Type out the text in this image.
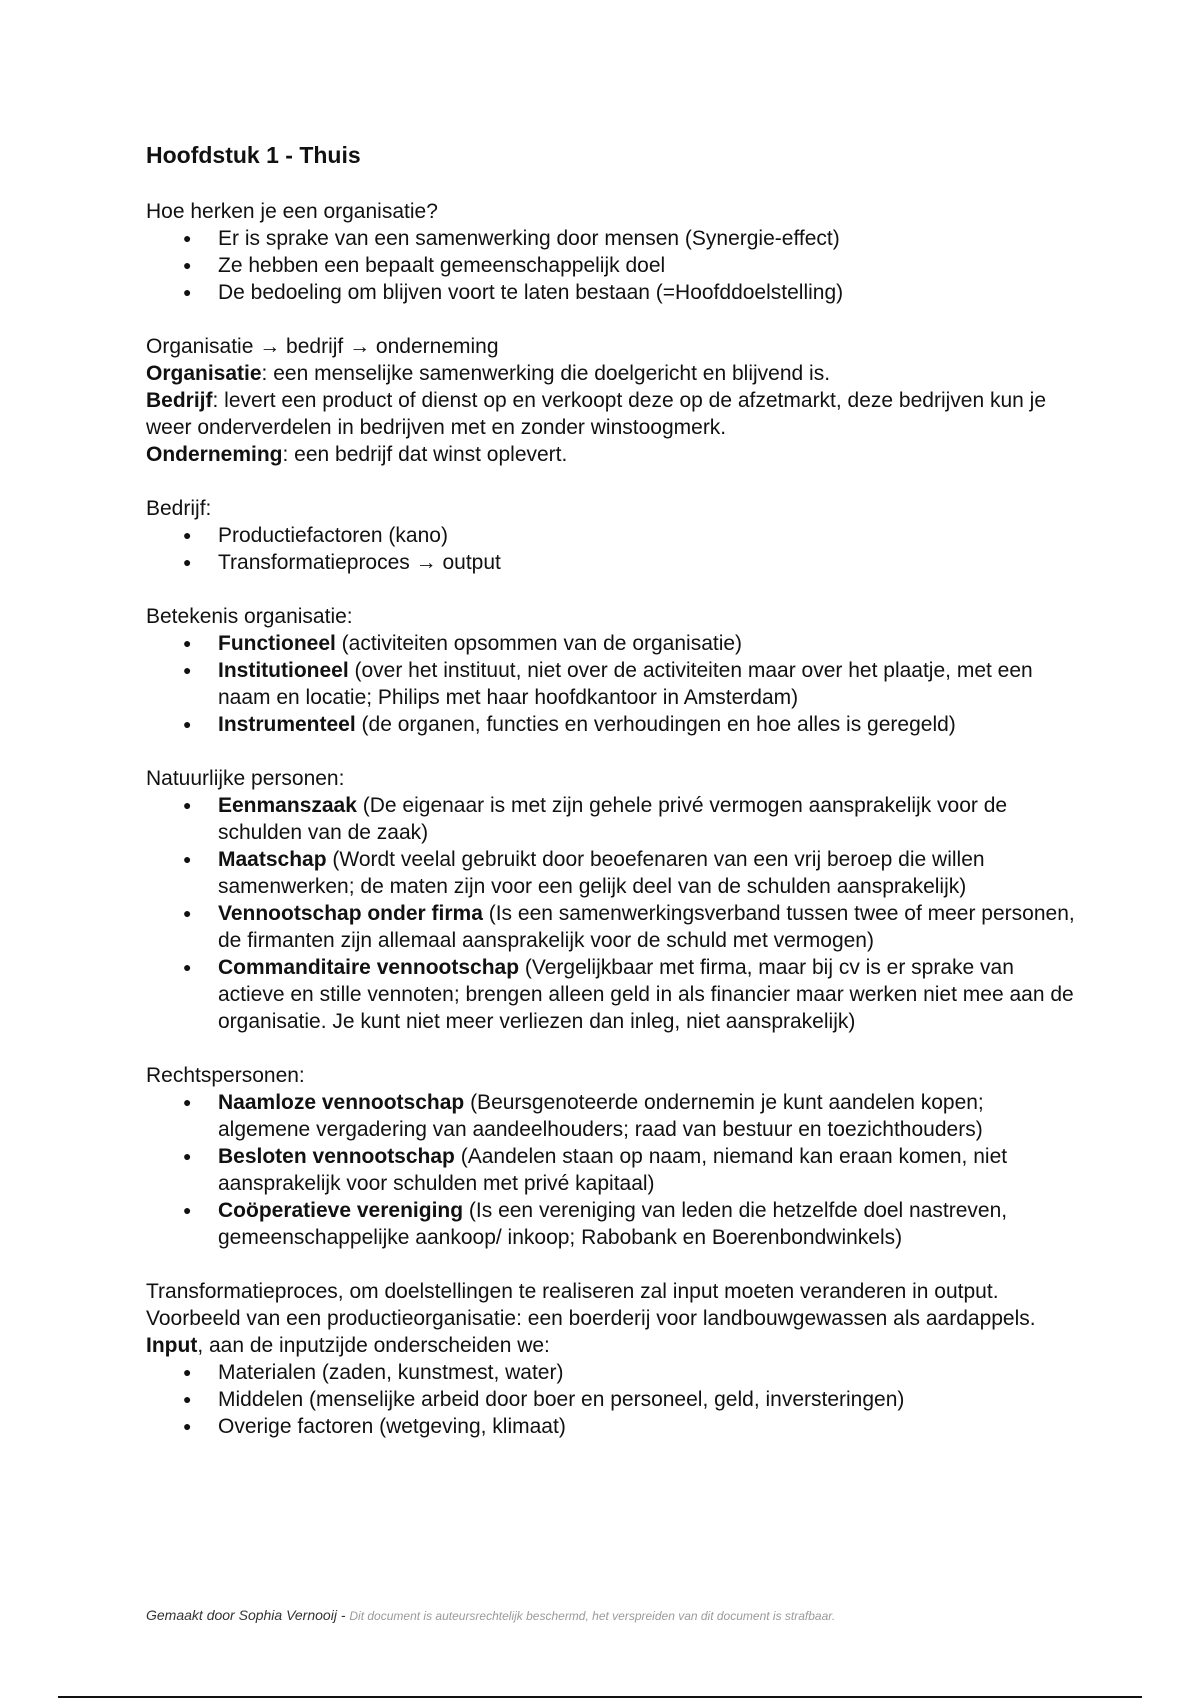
Hoofdstuk 1 - Thuis

Hoe herken je een organisatie?

● Er is sprake van een samenwerking door mensen (Synergie-effect)
● Ze hebben een bepaalt gemeenschappelijk doel
● De bedoeling om blijven voort te laten bestaan (=Hoofddoelstelling)

Organisatie → bedrijf → onderneming

Organisatie: een menselijke samenwerking die doelgericht en blijvend is.

Bedrijf: levert een product of dienst op en verkoopt deze op de afzetmarkt, deze bedrijven kun je weer onderverdelen in bedrijven met en zonder winstoogmerk.

Onderneming: een bedrijf dat winst oplevert.

Bedrijf:

● Productiefactoren (kano)
● Transformatieproces → output

Betekenis organisatie:

● Functioneel (activiteiten opsommen van de organisatie)
● Institutioneel (over het instituut, niet over de activiteiten maar over het plaatje, met een naam en locatie; Philips met haar hoofdkantoor in Amsterdam)
● Instrumenteel (de organen, functies en verhoudingen en hoe alles is geregeld)

Natuurlijke personen:

● Eenmanszaak (De eigenaar is met zijn gehele privé vermogen aansprakelijk voor de schulden van de zaak)
● Maatschap (Wordt veelal gebruikt door beoefenaren van een vrij beroep die willen samenwerken; de maten zijn voor een gelijk deel van de schulden aansprakelijk)
● Vennootschap onder firma (Is een samenwerkingsverband tussen twee of meer personen, de firmanten zijn allemaal aansprakelijk voor de schuld met vermogen)
● Commanditaire vennootschap (Vergelijkbaar met firma, maar bij cv is er sprake van actieve en stille vennoten; brengen alleen geld in als financier maar werken niet mee aan de organisatie. Je kunt niet meer verliezen dan inleg, niet aansprakelijk)

Rechtspersonen:

● Naamloze vennootschap (Beursgenoteerde ondernemin je kunt aandelen kopen; algemene vergadering van aandeelhouders; raad van bestuur en toezichthouders)
● Besloten vennootschap (Aandelen staan op naam, niemand kan eraan komen, niet aansprakelijk voor schulden met privé kapitaal)
● Coöperatieve vereniging (Is een vereniging van leden die hetzelfde doel nastreven, gemeenschappelijke aankoop/ inkoop; Rabobank en Boerenbondwinkels)

Transformatieproces, om doelstellingen te realiseren zal input moeten veranderen in output. Voorbeeld van een productieorganisatie: een boerderij voor landbouwgewassen als aardappels.

Input, aan de inputzijde onderscheiden we:

● Materialen (zaden, kunstmest, water)
● Middelen (menselijke arbeid door boer en personeel, geld, inversteringen)
● Overige factoren (wetgeving, klimaat)
Gemaakt door Sophia Vernooij - Dit document is auteursrechtelijk beschermd, het verspreiden van dit document is strafbaar.
